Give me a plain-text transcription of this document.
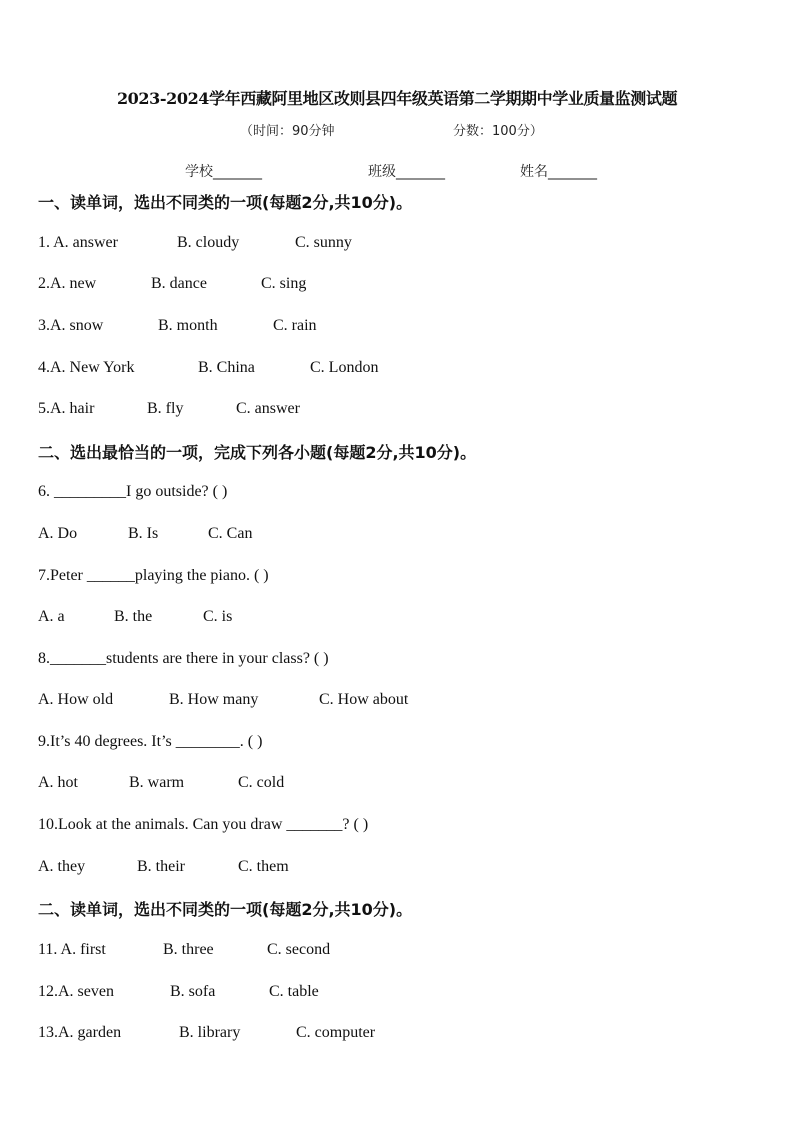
2023-2024学年西藏阿里地区改则县四年级英语第二学期期中学业质量监测试题
（时间：90分钟	分数：100分）
学校_______	班级_______	姓名_______
一、读单词，选出不同类的一项(每题2分,共10分)。
1. A. answer	B. cloudy	C. sunny
2.A. new	B. dance	C. sing
3.A. snow	B. month	C. rain
4.A. New York	B. China	C. London
5.A. hair	B. fly	C. answer
二、选出最恰当的一项，完成下列各小题(每题2分,共10分)。
6. _________I go outside? ( )
A. Do	B. Is	C. Can
7.Peter ______playing the piano. ( )
A. a	B. the	C. is
8._______students are there in your class? ( )
A. How old	B. How many	C. How about
9.It’s 40 degrees. It’s ________. ( )
A. hot	B. warm	C. cold
10.Look at the animals. Can you draw _______? ( )
A. they	B. their	C. them
二、读单词，选出不同类的一项(每题2分,共10分)。
11. A. first	B. three	C. second
12.A. seven	B. sofa	C. table
13.A. garden	B. library	C. computer
